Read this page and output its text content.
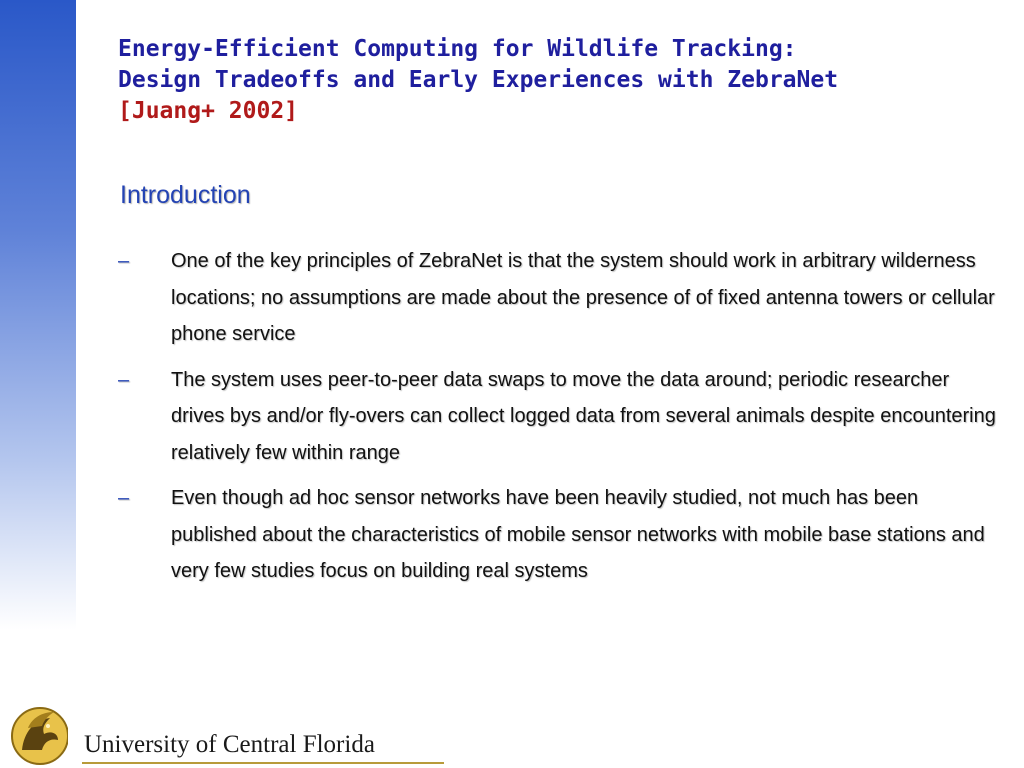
Energy-Efficient Computing for Wildlife Tracking:
Design Tradeoffs and Early Experiences with ZebraNet
[Juang+ 2002]
Introduction
– One of the key principles of ZebraNet is that the system should work in arbitrary wilderness locations; no assumptions are made about the presence of of fixed antenna towers or cellular phone service
– The system uses peer-to-peer data swaps to move the data around; periodic researcher drives bys and/or fly-overs can collect logged data from several animals despite encountering relatively few within range
– Even though ad hoc sensor networks have been heavily studied, not much has been published about the characteristics of mobile sensor networks with mobile base stations and very few studies focus on building real systems
University of Central Florida
